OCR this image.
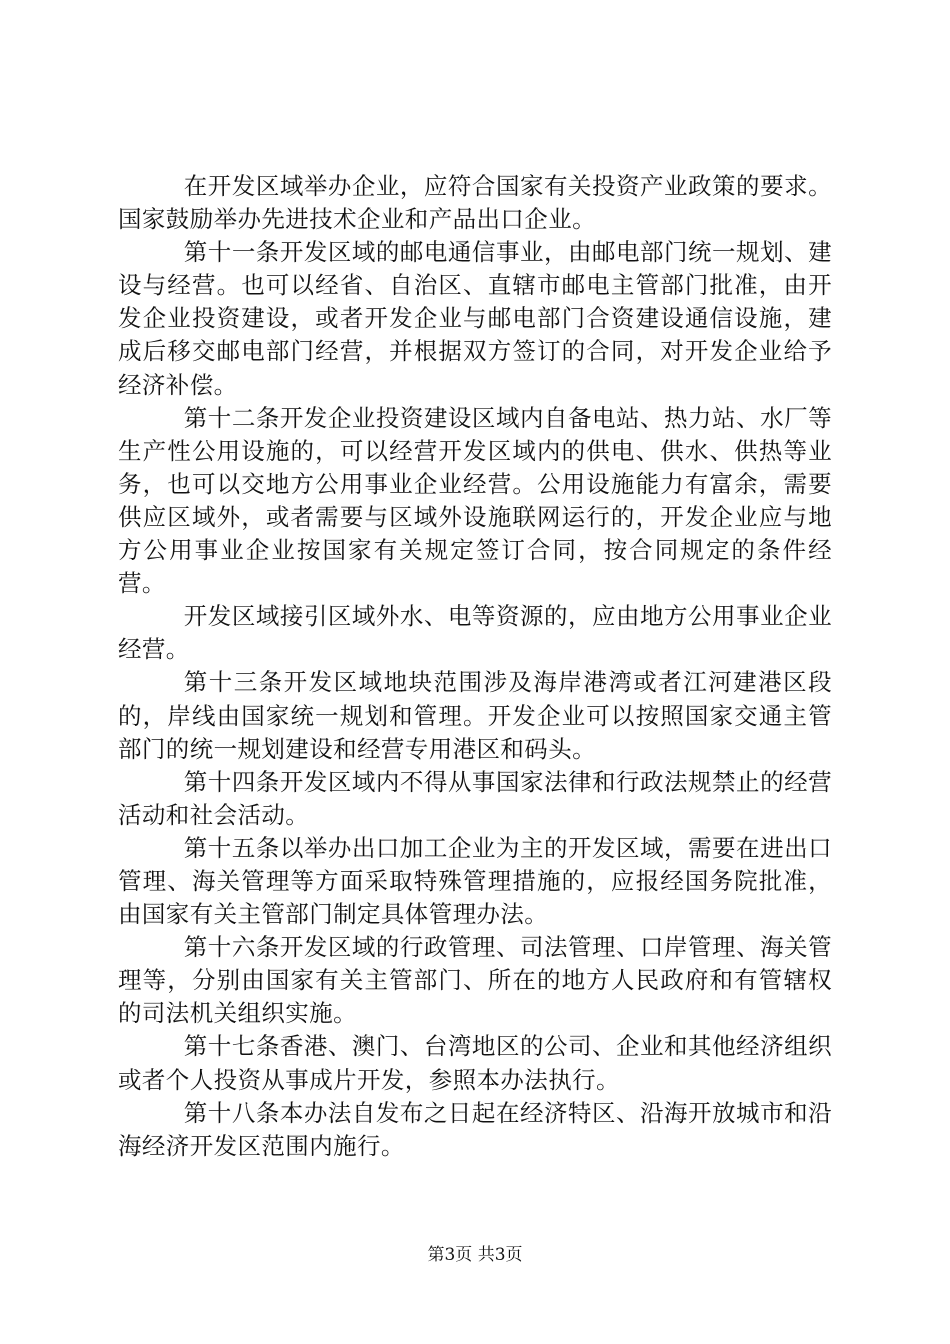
在开发区域举办企业，应符合国家有关投资产业政策的要求。国家鼓励举办先进技术企业和产品出口企业。

第十一条开发区域的邮电通信事业，由邮电部门统一规划、建设与经营。也可以经省、自治区、直辖市邮电主管部门批准，由开发企业投资建设，或者开发企业与邮电部门合资建设通信设施，建成后移交邮电部门经营，并根据双方签订的合同，对开发企业给予经济补偿。

第十二条开发企业投资建设区域内自备电站、热力站、水厂等生产性公用设施的，可以经营开发区域内的供电、供水、供热等业务，也可以交地方公用事业企业经营。公用设施能力有富余，需要供应区域外，或者需要与区域外设施联网运行的，开发企业应与地方公用事业企业按国家有关规定签订合同，按合同规定的条件经营。

开发区域接引区域外水、电等资源的，应由地方公用事业企业经营。

第十三条开发区域地块范围涉及海岸港湾或者江河建港区段的，岸线由国家统一规划和管理。开发企业可以按照国家交通主管部门的统一规划建设和经营专用港区和码头。

第十四条开发区域内不得从事国家法律和行政法规禁止的经营活动和社会活动。

第十五条以举办出口加工企业为主的开发区域，需要在进出口管理、海关管理等方面采取特殊管理措施的，应报经国务院批准，由国家有关主管部门制定具体管理办法。

第十六条开发区域的行政管理、司法管理、口岸管理、海关管理等，分别由国家有关主管部门、所在的地方人民政府和有管辖权的司法机关组织实施。

第十七条香港、澳门、台湾地区的公司、企业和其他经济组织或者个人投资从事成片开发，参照本办法执行。

第十八条本办法自发布之日起在经济特区、沿海开放城市和沿海经济开发区范围内施行。

第3页 共3页
